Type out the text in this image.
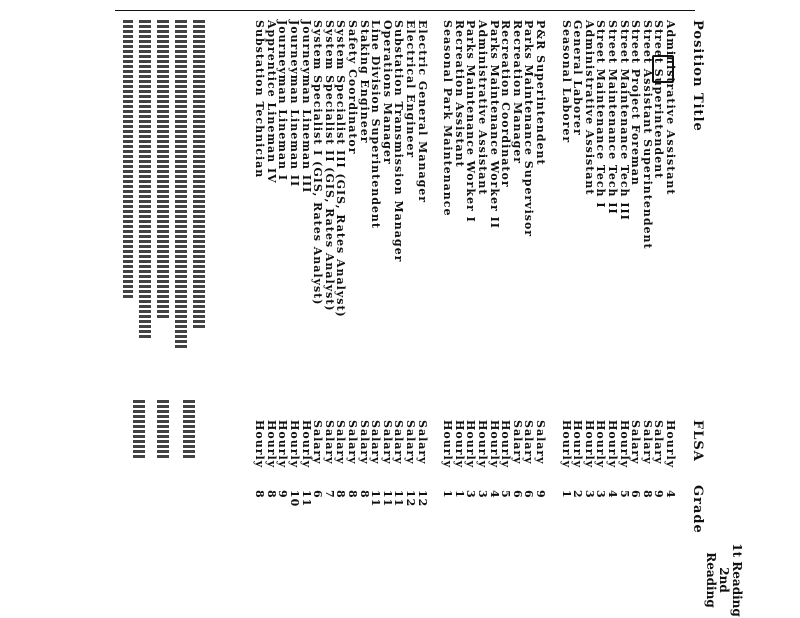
1t Reading
2nd Reading
Position Title
FLSA
Grade
Administrative Assistant
Hourly
4
Street Superintendent
Salary
9
Street Assistant Superintendent
Salary
8
Street Project Foreman
Salary
6
Street Maintenance Tech III
Hourly
5
Street Maintenance Tech II
Hourly
4
Street Maintenance Tech I
Hourly
3
Administrative Assistant
Hourly
3
General Laborer
Hourly
2
Seasonal Laborer
Hourly
1
P&R Superintendent
Salary
9
Parks Maintenance Supervisor
Salary
6
Recreation Manager
Salary
6
Recreation Coordinator
Hourly
5
Parks Maintenance Worker II
Hourly
4
Administrative Assistant
Hourly
3
Parks Maintenance Worker I
Hourly
3
Recreation Assistant
Hourly
1
Seasonal Park Maintenance
Hourly
1
Electric General Manager
Salary
12
Electrical Engineer
Salary
12
Substation Transmission Manager
Salary
11
Operations Manager
Salary
11
Line Division Superintendent
Salary
11
Staking Engineer
Salary
8
Safety Coordinator
Salary
8
System Specialist III (GIS, Rates Analyst)
Salary
8
System Specialist II (GIS, Rates Analyst)
Salary
7
System Specialist I (GIS, Rates Analyst)
Salary
6
Journeyman Lineman III
Hourly
11
Journeyman Lineman II
Hourly
10
Journeyman Lineman I
Hourly
9
Apprentice Lineman IV
Hourly
8
Substation Technician
Hourly
8
